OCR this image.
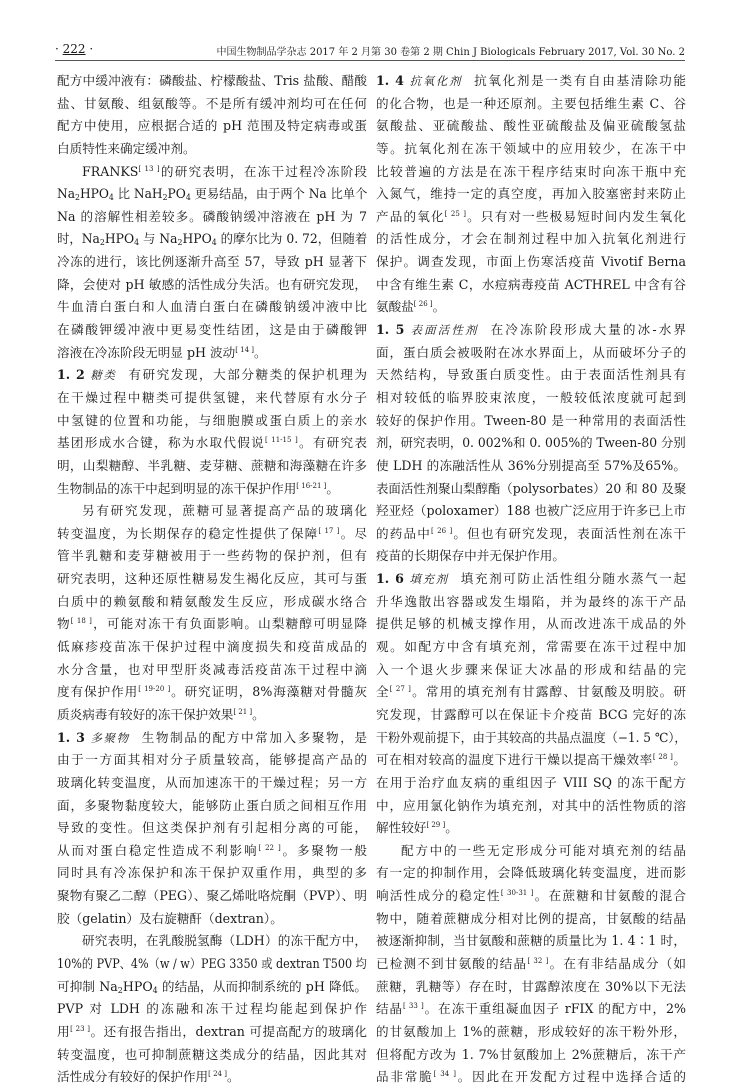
· 222 ·	中国生物制品学杂志 2017 年 2 月第 30 卷第 2 期 Chin J Biologicals February 2017, Vol. 30 No. 2
配方中缓冲液有：磷酸盐、柠檬酸盐、Tris 盐酸、醋酸
盐、甘氨酸、组氨酸等。不是所有缓冲剂均可在任何
配方中使用，应根据合适的 pH 范围及特定病毒或蛋
白质特性来确定缓冲剂。
FRANKS[ 13 ]的研究表明，在冻干过程冷冻阶段
$Na_2HPO_4$ 比 $NaH_2PO_4$ 更易结晶，由于两个 Na 比单个
Na 的溶解性相差较多。磷酸钠缓冲溶液在 pH 为 7
时，$Na_2HPO_4$ 与 $Na_2HPO_4$ 的摩尔比为 0. 72，但随着
冷冻的进行，该比例逐渐升高至 57，导致 pH 显著下
降，会使对 pH 敏感的活性成分失活。也有研究发现，
牛血清白蛋白和人血清白蛋白在磷酸钠缓冲液中比
在磷酸钾缓冲液中更易变性结团，这是由于磷酸钾
溶液在冷冻阶段无明显 pH 波动[ 14 ]。
1. 2 糖类 有研究发现，大部分糖类的保护机理为
在干燥过程中糖类可提供氢键，来代替原有水分子
中氢键的位置和功能，与细胞膜或蛋白质上的亲水
基团形成水合键，称为水取代假说[ 11-15 ]。有研究表
明，山梨糖醇、半乳糖、麦芽糖、蔗糖和海藻糖在许多
生物制品的冻干中起到明显的冻干保护作用[ 16-21 ]。
另有研究发现，蔗糖可显著提高产品的玻璃化
转变温度，为长期保存的稳定性提供了保障[ 17 ]。尽
管半乳糖和麦芽糖被用于一些药物的保护剂，但有
研究表明，这种还原性糖易发生褐化反应，其可与蛋
白质中的赖氨酸和精氨酸发生反应，形成碳水络合
物[ 18 ]，可能对冻干有负面影响。山梨糖醇可明显降
低麻疹疫苗冻干保护过程中滴度损失和疫苗成品的
水分含量，也对甲型肝炎减毒活疫苗冻干过程中滴
度有保护作用[ 19-20 ]。研究证明，8%海藻糖对骨髓灰
质炎病毒有较好的冻干保护效果[ 21 ]。
1. 3 多聚物 生物制品的配方中常加入多聚物，是
由于一方面其相对分子质量较高，能够提高产品的
玻璃化转变温度，从而加速冻干的干燥过程；另一方
面，多聚物黏度较大，能够防止蛋白质之间相互作用
导致的变性。但这类保护剂有引起相分离的可能，
从而对蛋白稳定性造成不利影响[ 22 ]。多聚物一般
同时具有冷冻保护和冻干保护双重作用，典型的多
聚物有聚乙二醇（PEG）、聚乙烯吡咯烷酮（PVP）、明
胶（gelatin）及右旋糖酐（dextran）。
研究表明，在乳酸脱氢酶（LDH）的冻干配方中，
10%的 PVP、4%（w / w）PEG 3350 或 dextran T500 均
可抑制 $Na_2HPO_4$ 的结晶，从而抑制系统的 pH 降低。
PVP 对 LDH 的冻融和冻干过程均能起到保护作
用[ 23 ]。还有报告指出，dextran 可提高配方的玻璃化
转变温度，也可抑制蔗糖这类成分的结晶，因此其对
活性成分有较好的保护作用[ 24 ]。
1. 4 抗氧化剂 抗氧化剂是一类有自由基清除功能
的化合物，也是一种还原剂。主要包括维生素 C、谷
氨酸盐、亚硫酸盐、酸性亚硫酸盐及偏亚硫酸氢盐
等。抗氧化剂在冻干领域中的应用较少，在冻干中
比较普遍的方法是在冻干程序结束时向冻干瓶中充
入氮气，维持一定的真空度，再加入胶塞密封来防止
产品的氧化[ 25 ]。只有对一些极易短时间内发生氧化
的活性成分，才会在制剂过程中加入抗氧化剂进行
保护。调查发现，市面上伤寒活疫苗 Vivotif Berna
中含有维生素 C，水痘病毒疫苗 ACTHREL 中含有谷
氨酸盐[ 26 ]。
1. 5 表面活性剂 在冷冻阶段形成大量的冰-水界
面，蛋白质会被吸附在冰水界面上，从而破坏分子的
天然结构，导致蛋白质变性。由于表面活性剂具有
相对较低的临界胶束浓度，一般较低浓度就可起到
较好的保护作用。Tween-80 是一种常用的表面活性
剂，研究表明，0. 002%和 0. 005%的 Tween-80 分别
使 LDH 的冻融活性从 36%分别提高至 57%及65%。
表面活性剂聚山梨醇酯（polysorbates）20 和 80 及聚
羟亚烃（poloxamer）188 也被广泛应用于许多已上市
的药品中[ 26 ]。但也有研究发现，表面活性剂在冻干
疫苗的长期保存中并无保护作用。
1. 6 填充剂 填充剂可防止活性组分随水蒸气一起
升华逸散出容器或发生塌陷，并为最终的冻干产品
提供足够的机械支撑作用，从而改进冻干成品的外
观。如配方中含有填充剂，常需要在冻干过程中加
入一个退火步骤来保证大冰晶的形成和结晶的完
全[ 27 ]。常用的填充剂有甘露醇、甘氨酸及明胶。研
究发现，甘露醇可以在保证卡介疫苗 BCG 完好的冻
干粉外观前提下，由于其较高的共晶点温度（−1. 5 ℃），
可在相对较高的温度下进行干燥以提高干燥效率[ 28 ]。
在用于治疗血友病的重组因子 VIII SQ 的冻干配方
中，应用氯化钠作为填充剂，对其中的活性物质的溶
解性较好[ 29 ]。
配方中的一些无定形成分可能对填充剂的结晶
有一定的抑制作用，会降低玻璃化转变温度，进而影
响活性成分的稳定性[ 30-31 ]。在蔗糖和甘氨酸的混合
物中，随着蔗糖成分相对比例的提高，甘氨酸的结晶
被逐渐抑制，当甘氨酸和蔗糖的质量比为 1. 4∶1 时，
已检测不到甘氨酸的结晶[ 32 ]。在有非结晶成分（如
蔗糖，乳糖等）存在时，甘露醇浓度在 30%以下无法
结晶[ 33 ]。在冻干重组凝血因子 rFIX 的配方中，2%
的甘氨酸加上 1%的蔗糖，形成较好的冻干粉外形，
但将配方改为 1. 7%甘氨酸加上 2%蔗糖后，冻干产
品非常脆[ 34 ]。因此在开发配方过程中选择合适的
